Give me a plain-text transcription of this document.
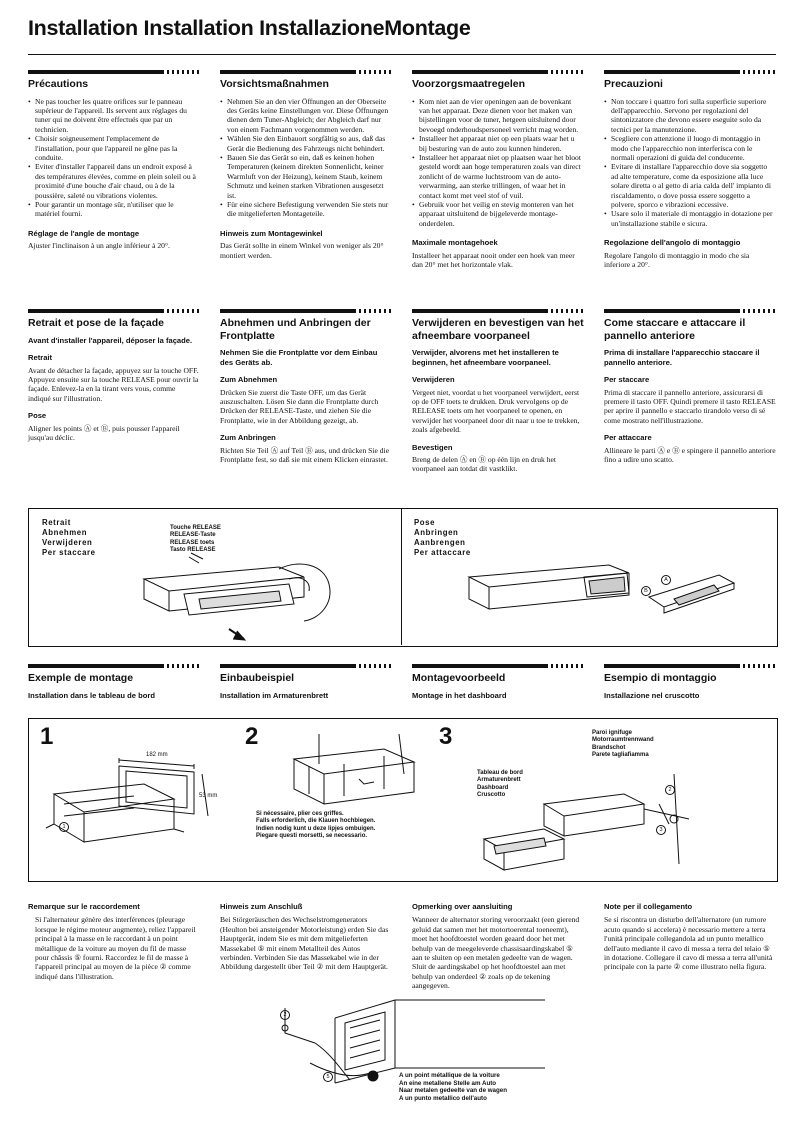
Installation Installation InstallazioneMontage
Précautions
• Ne pas toucher les quatre orifices sur le panneau supérieur de l'appareil. Ils servent aux réglages du tuner qui ne doivent être effectués que par un technicien.
• Choisir soigneusement l'emplacement de l'installation, pour que l'appareil ne gêne pas la conduite.
• Eviter d'installer l'appareil dans un endroit exposé à des températures élevées, comme en plein soleil ou à proximité d'une bouche d'air chaud, ou à de la poussière, saleté ou vibrations violentes.
• Pour garantir un montage sûr, n'utiliser que le matériel fourni.
Réglage de l'angle de montage

Ajuster l'inclinaison à un angle inférieur à 20°.

Vorsichtsmaßnahmen
• Nehmen Sie an den vier Öffnungen an der Oberseite des Geräts keine Einstellungen vor. Diese Öffnungen dienen dem Tuner-Abgleich; der Abgleich darf nur von einem Fachmann vorgenommen werden.
• Wählen Sie den Einbauort sorgfältig so aus, daß das Gerät die Bedienung des Fahrzeugs nicht behindert.
• Bauen Sie das Gerät so ein, daß es keinen hohen Temperaturen (keinem direkten Sonnenlicht, keiner Warmluft von der Heizung), keinem Staub, keinem Schmutz und keinen starken Vibrationen ausgesetzt ist.
• Für eine sichere Befestigung verwenden Sie stets nur die mitgelieferten Montageteile.
Hinweis zum Montagewinkel

Das Gerät sollte in einem Winkel von weniger als 20° montiert werden.

Voorzorgsmaatregelen
• Kom niet aan de vier openingen aan de bovenkant van het apparaat. Deze dienen voor het maken van bijstellingen voor de tuner, hetgeen uitsluitend door bevoegd onderhoudspersoneel verricht mag worden.
• Installeer het apparaat niet op een plaats waar het u bij besturing van de auto zou kunnen hinderen.
• Installeer het apparaat niet op plaatsen waar het bloot gesteld wordt aan hoge temperaturen zoals van direct zonlicht of de warme luchtstroom van de auto-verwarming, aan sterke trillingen, of waar het in contact komt met veel stof of vuil.
• Gebruik voor het veilig en stevig monteren van het apparaat uitsluitend de bijgeleverde montage-onderdelen.
Maximale montagehoek

Installeer het apparaat nooit onder een hoek van meer dan 20° met het horizontale vlak.

Precauzioni
• Non toccare i quattro fori sulla superficie superiore dell'apparecchio. Servono per regolazioni del sintonizzatore che devono essere eseguite solo da tecnici per la manutenzione.
• Scegliere con attenzione il luogo di montaggio in modo che l'apparecchio non interferisca con le normali operazioni di guida del conducente.
• Evitare di installare l'apparecchio dove sia soggetto ad alte temperature, come da esposizione alla luce solare diretta o al getto di aria calda dell' impianto di riscaldamento, o dove possa essere soggetto a polvere, sporco e vibrazioni eccessive.
• Usare solo il materiale di montaggio in dotazione per un'installazione stabile e sicura.
Regolazione dell'angolo di montaggio

Regolare l'angolo di montaggio in modo che sia inferiore a 20°.

Retrait et pose de la façade
Avant d'installer l'appareil, déposer la façade.
Retrait

Avant de détacher la façade, appuyez sur la touche OFF. Appuyez ensuite sur la touche RELEASE pour ouvrir la façade. Enlevez-la en la tirant vers vous, comme indiqué sur l'illustration.

Pose

Aligner les points Ⓐ et Ⓑ, puis pousser l'appareil jusqu'au déclic.

Abnehmen und Anbringen der Frontplatte
Nehmen Sie die Frontplatte vor dem Einbau des Geräts ab.
Zum Abnehmen

Drücken Sie zuerst die Taste OFF, um das Gerät auszuschalten. Lösen Sie dann die Frontplatte durch Drücken der RELEASE-Taste, und ziehen Sie die Frontplatte, wie in der Abbildung gezeigt, ab.

Zum Anbringen

Richten Sie Teil Ⓐ auf Teil Ⓑ aus, und drücken Sie die Frontplatte fest, so daß sie mit einem Klicken einrastet.

Verwijderen en bevestigen van het afneembare voorpaneel
Verwijder, alvorens met het installeren te beginnen, het afneembare voorpaneel.
Verwijderen

Vergeet niet, voordat u het voorpaneel verwijdert, eerst op de OFF toets te drukken. Druk vervolgens op de RELEASE toets om het voorpaneel te openen, en verwijder het voorpaneel door dit naar u toe te trekken, zoals afgebeeld.

Bevestigen

Breng de delen Ⓐ en Ⓑ op één lijn en druk het voorpaneel aan totdat dit vastklikt.

Come staccare e attaccare il pannello anteriore
Prima di installare l'apparecchio staccare il pannello anteriore.
Per staccare

Prima di staccare il pannello anteriore, assicurarsi di premere il tasto OFF. Quindi premere il tasto RELEASE per aprire il pannello e staccarlo tirandolo verso di sé come mostrato nell'illustrazione.

Per attaccare

Allineare le parti Ⓐ e Ⓑ e spingere il pannello anteriore fino a udire uno scatto.

Retrait
Abnehmen
Verwijderen
Per staccare
Touche RELEASE
RELEASE-Taste
RELEASE toets
Tasto RELEASE
Pose
Anbringen
Aanbrengen
Per attaccare
A
B
Exemple de montage
Installation dans le tableau de bord
Einbaubeispiel
Installation im Armaturenbrett
Montagevoorbeeld
Montage in het dashboard
Esempio di montaggio
Installazione nel cruscotto
1	2	3
182 mm
53 mm
1
Si nécessaire, plier ces griffes.
Falls erforderlich, die Klauen hochbiegen.
Indien nodig kunt u deze lipjes ombuigen.
Piegare questi morsetti, se necessario.
Tableau de bord
Armaturenbrett
Dashboard
Cruscotto
Paroi ignifuge
Motorraumtrennwand
Brandschot
Parete tagliafiamma
2
3
Remarque sur le raccordement

Si l'alternateur génère des interférences (pleurage lorsque le régime moteur augmente), reliez l'appareil principal à la masse en le raccordant à un point métallique de la voiture au moyen du fil de masse pour châssis ⑤ fourni. Raccordez le fil de masse à l'appareil principal au moyen de la pièce ② comme indiqué dans l'illustration.

Hinweis zum Anschluß

Bei Störgeräuschen des Wechselstromgenerators (Heulton bei ansteigender Motorleistung) erden Sie das Hauptgerät, indem Sie es mit dem mitgelieferten Massekabel ⑤ mit einem Metallteil des Autos verbinden. Verbinden Sie das Massekabel wie in der Abbildung dargestellt über Teil ② mit dem Hauptgerät.

Opmerking over aansluiting

Wanneer de alternator storing veroorzaakt (een gierend geluid dat samen met het motortoerental toeneemt), moet het hoofdtoestel worden geaard door het met behulp van de meegeleverde chassisaardingskabel ⑤ aan te sluiten op een metalen gedeelte van de wagen. Sluit de aardingskabel op het hoofdtoestel aan met behulp van onderdeel ② zoals op de tekening aangegeven.

Note per il collegamento

Se si riscontra un disturbo dell'alternatore (un rumore acuto quando si accelera) è necessario mettere a terra l'unità principale collegandola ad un punto metallico dell'auto mediante il cavo di messa a terra del telaio ⑤ in dotazione. Collegare il cavo di messa a terra all'unità principale con la parte ② come illustrato nella figura.

2
5	A un point métallique de la voiture
An eine metallene Stelle am Auto
Naar metalen gedeelte van de wagen
A un punto metallico dell'auto
